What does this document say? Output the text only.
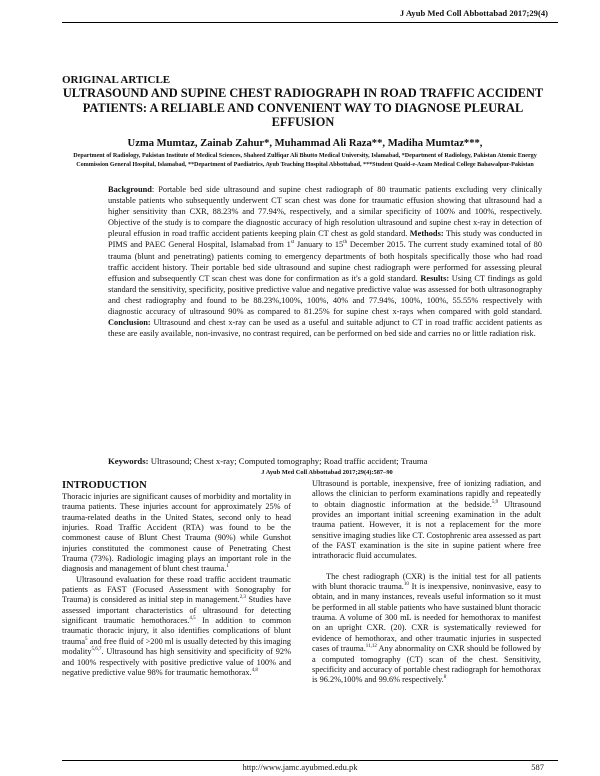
J Ayub Med Coll Abbottabad 2017;29(4)
ORIGINAL ARTICLE
ULTRASOUND AND SUPINE CHEST RADIOGRAPH IN ROAD TRAFFIC ACCIDENT PATIENTS: A RELIABLE AND CONVENIENT WAY TO DIAGNOSE PLEURAL EFFUSION
Uzma Mumtaz, Zainab Zahur*, Muhammad Ali Raza**, Madiha Mumtaz***,
Department of Radiology, Pakistan Institute of Medical Sciences, Shaheed Zulfiqar Ali Bhutto Medical University, Islamabad, *Department of Radiology, Pakistan Atomic Energy Commission General Hospital, Islamabad, **Department of Paediatrics, Ayub Teaching Hospital Abbottabad, ***Student Quaid-e-Azam Medical College Bahawalpur-Pakistan
Background: Portable bed side ultrasound and supine chest radiograph of 80 traumatic patients excluding very clinically unstable patients who subsequently underwent CT scan chest was done for traumatic effusion showing that ultrasound had a higher sensitivity than CXR, 88.23% and 77.94%, respectively, and a similar specificity of 100% and 100%, respectively. Objective of the study is to compare the diagnostic accuracy of high resolution ultrasound and supine chest x-ray in detection of pleural effusion in road traffic accident patients keeping plain CT chest as gold standard. Methods: This study was conducted in PIMS and PAEC General Hospital, Islamabad from 1st January to 15th December 2015. The current study examined total of 80 trauma (blunt and penetrating) patients coming to emergency departments of both hospitals specifically those who had road traffic accident history. Their portable bed side ultrasound and supine chest radiograph were performed for assessing pleural effusion and subsequently CT scan chest was done for confirmation as it's a gold standard. Results: Using CT findings as gold standard the sensitivity, specificity, positive predictive value and negative predictive value was assessed for both ultrasonography and chest radiography and found to be 88.23%,100%, 100%, 40% and 77.94%, 100%, 100%, 55.55% respectively with diagnostic accuracy of ultrasound 90% as compared to 81.25% for supine chest x-rays when compared with gold standard. Conclusion: Ultrasound and chest x-ray can be used as a useful and suitable adjunct to CT in road traffic accident patients as these are easily available, non-invasive, no contrast required, can be performed on bed side and carries no or little radiation risk.
Keywords: Ultrasound; Chest x-ray; Computed tomography; Road traffic accident; Trauma
J Ayub Med Coll Abbottabad 2017;29(4):587–90
INTRODUCTION

Thoracic injuries are significant causes of morbidity and mortality in trauma patients. These injuries account for approximately 25% of trauma-related deaths in the United States, second only to head injuries. Road Traffic Accident (RTA) was found to be the commonest cause of Blunt Chest Trauma (90%) while Gunshot injuries constituted the commonest cause of Penetrating Chest Trauma (73%). Radiologic imaging plays an important role in the diagnosis and management of blunt chest trauma.$^1$

Ultrasound evaluation for these road traffic accident traumatic patients as FAST (Focused Assessment with Sonography for Trauma) is considered as initial step in management.$^{2,3}$ Studies have assessed important characteristics of ultrasound for detecting significant traumatic hemothoraces.$^{4,5}$ In addition to common traumatic thoracic injury, it also identifies complications of blunt trauma$^5$ and free fluid of >200 ml is usually detected by this imaging modality$^{5,6,7}$. Ultrasound has high sensitivity and specificity of 92% and 100% respectively with positive predictive value of 100% and negative predictive value 98% for traumatic hemothorax.$^{4,8}$

Ultrasound is portable, inexpensive, free of ionizing radiation, and allows the clinician to perform examinations rapidly and repeatedly to obtain diagnostic information at the bedside.$^{5,9}$ Ultrasound provides an important initial screening examination in the adult trauma patient. However, it is not a replacement for the more sensitive imaging studies like CT. Costophrenic area assessed as part of the FAST examination is the site in supine patient where free intrathoracic fluid accumulates.

The chest radiograph (CXR) is the initial test for all patients with blunt thoracic trauma.$^{10}$ It is inexpensive, noninvasive, easy to obtain, and in many instances, reveals useful information so it must be performed in all stable patients who have sustained blunt thoracic trauma. A volume of 300 mL is needed for hemothorax to manifest on an upright CXR. (20). CXR is systematically reviewed for evidence of hemothorax, and other traumatic injuries in suspected cases of trauma.$^{11,12}$ Any abnormality on CXR should be followed by a computed tomography (CT) scan of the chest. Sensitivity, specificity and accuracy of portable chest radiograph for hemothorax is 96.2%,100% and 99.6% respectively.$^8$

http://www.jamc.ayubmed.edu.pk	587
